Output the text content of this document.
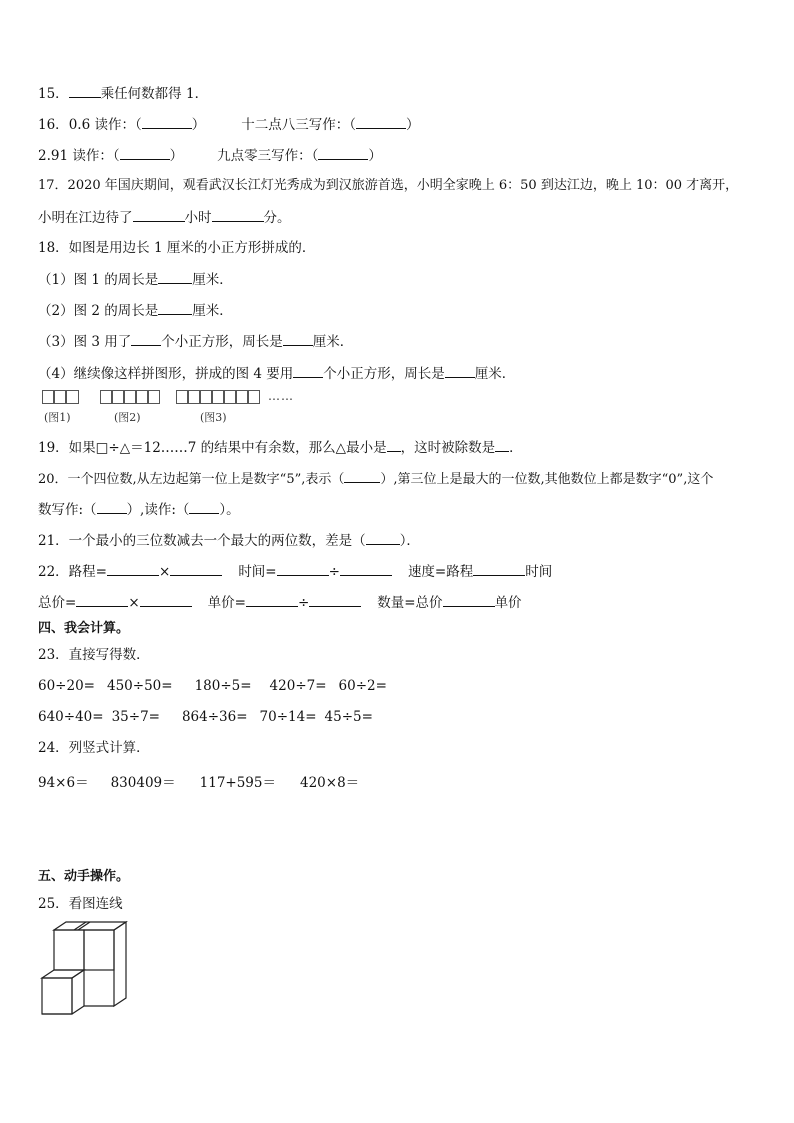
15． 乘任何数都得 1．
16．0.6 读作：（	）	十二点八三写作：（	）
2.91 读作：（	）	九点零三写作：（	）
17．2020 年国庆期间，观看武汉长江灯光秀成为到汉旅游首选，小明全家晚上 6：50 到达江边，晚上 10：00 才离开，
小明在江边待了	小时	分。
18．如图是用边长 1 厘米的小正方形拼成的．
（1）图 1 的周长是	厘米．
（2）图 2 的周长是	厘米．
（3）图 3 用了 个小正方形，周长是 厘米．
（4）继续像这样拼图形，拼成的图 4 要用 个小正方形，周长是 厘米．
(图1)	(图2)	(图3)
……
19．如果□÷△＝12……7 的结果中有余数，那么△最小是 ，这时被除数是 ．
20．一个四位数,从左边起第一位上是数字“5”,表示（	）,第三位上是最大的一位数,其他数位上都是数字“0”,这个
数写作:（ ）,读作:（ ）。
21．一个最小的三位数减去一个最大的两位数，差是（	）．
22．路程=	×	时间=	÷	速度=路程	时间
总价=	×	单价=	÷	数量=总价	单价
四、我会计算。
23．直接写得数．
60÷20= 450÷50= 180÷5= 420÷7= 60÷2=
640÷40= 35÷7= 864÷36= 70÷14= 45÷5=
24．列竖式计算．
94×6＝ 830409＝ 117+595＝ 420×8＝
五、动手操作。
25．看图连线
